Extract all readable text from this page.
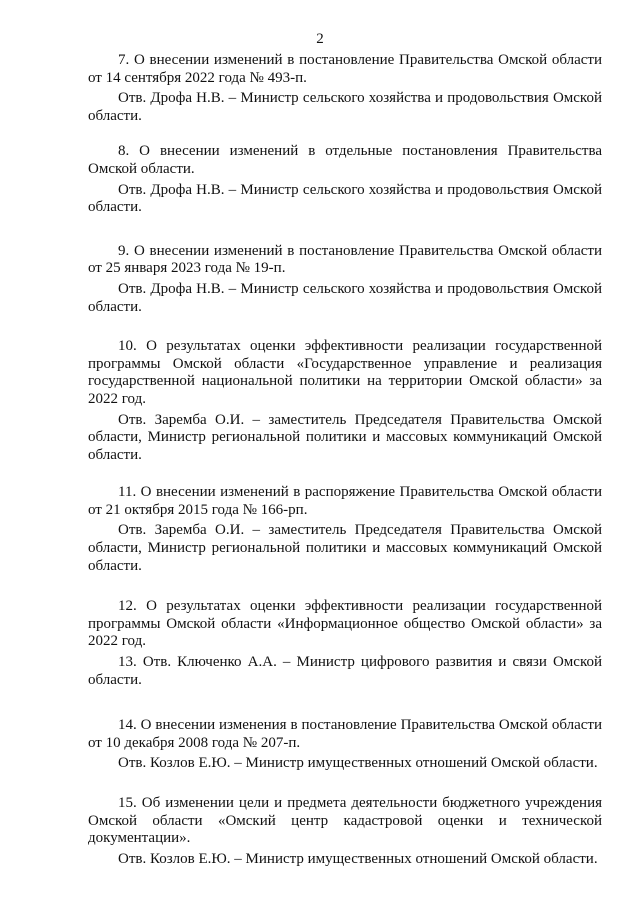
2

7. О внесении изменений в постановление Правительства Омской области от 14 сентября 2022 года № 493-п.

Отв. Дрофа Н.В. – Министр сельского хозяйства и продовольствия Омской области.

8. О внесении изменений в отдельные постановления Правительства Омской области.

Отв. Дрофа Н.В. – Министр сельского хозяйства и продовольствия Омской области.

9. О внесении изменений в постановление Правительства Омской области от 25 января 2023 года № 19-п.

Отв. Дрофа Н.В. – Министр сельского хозяйства и продовольствия Омской области.

10. О результатах оценки эффективности реализации государственной программы Омской области «Государственное управление и реализация государственной национальной политики на территории Омской области» за 2022 год.

Отв. Заремба О.И. – заместитель Председателя Правительства Омской области, Министр региональной политики и массовых коммуникаций Омской области.

11. О внесении изменений в распоряжение Правительства Омской области от 21 октября 2015 года № 166-рп.

Отв. Заремба О.И. – заместитель Председателя Правительства Омской области, Министр региональной политики и массовых коммуникаций Омской области.

12. О результатах оценки эффективности реализации государственной программы Омской области «Информационное общество Омской области» за 2022 год.

13. Отв. Ключенко А.А. – Министр цифрового развития и связи Омской области.

14. О внесении изменения в постановление Правительства Омской области от 10 декабря 2008 года № 207-п.

Отв. Козлов Е.Ю. – Министр имущественных отношений Омской области.

15. Об изменении цели и предмета деятельности бюджетного учреждения Омской области «Омский центр кадастровой оценки и технической документации».

Отв. Козлов Е.Ю. – Министр имущественных отношений Омской области.
